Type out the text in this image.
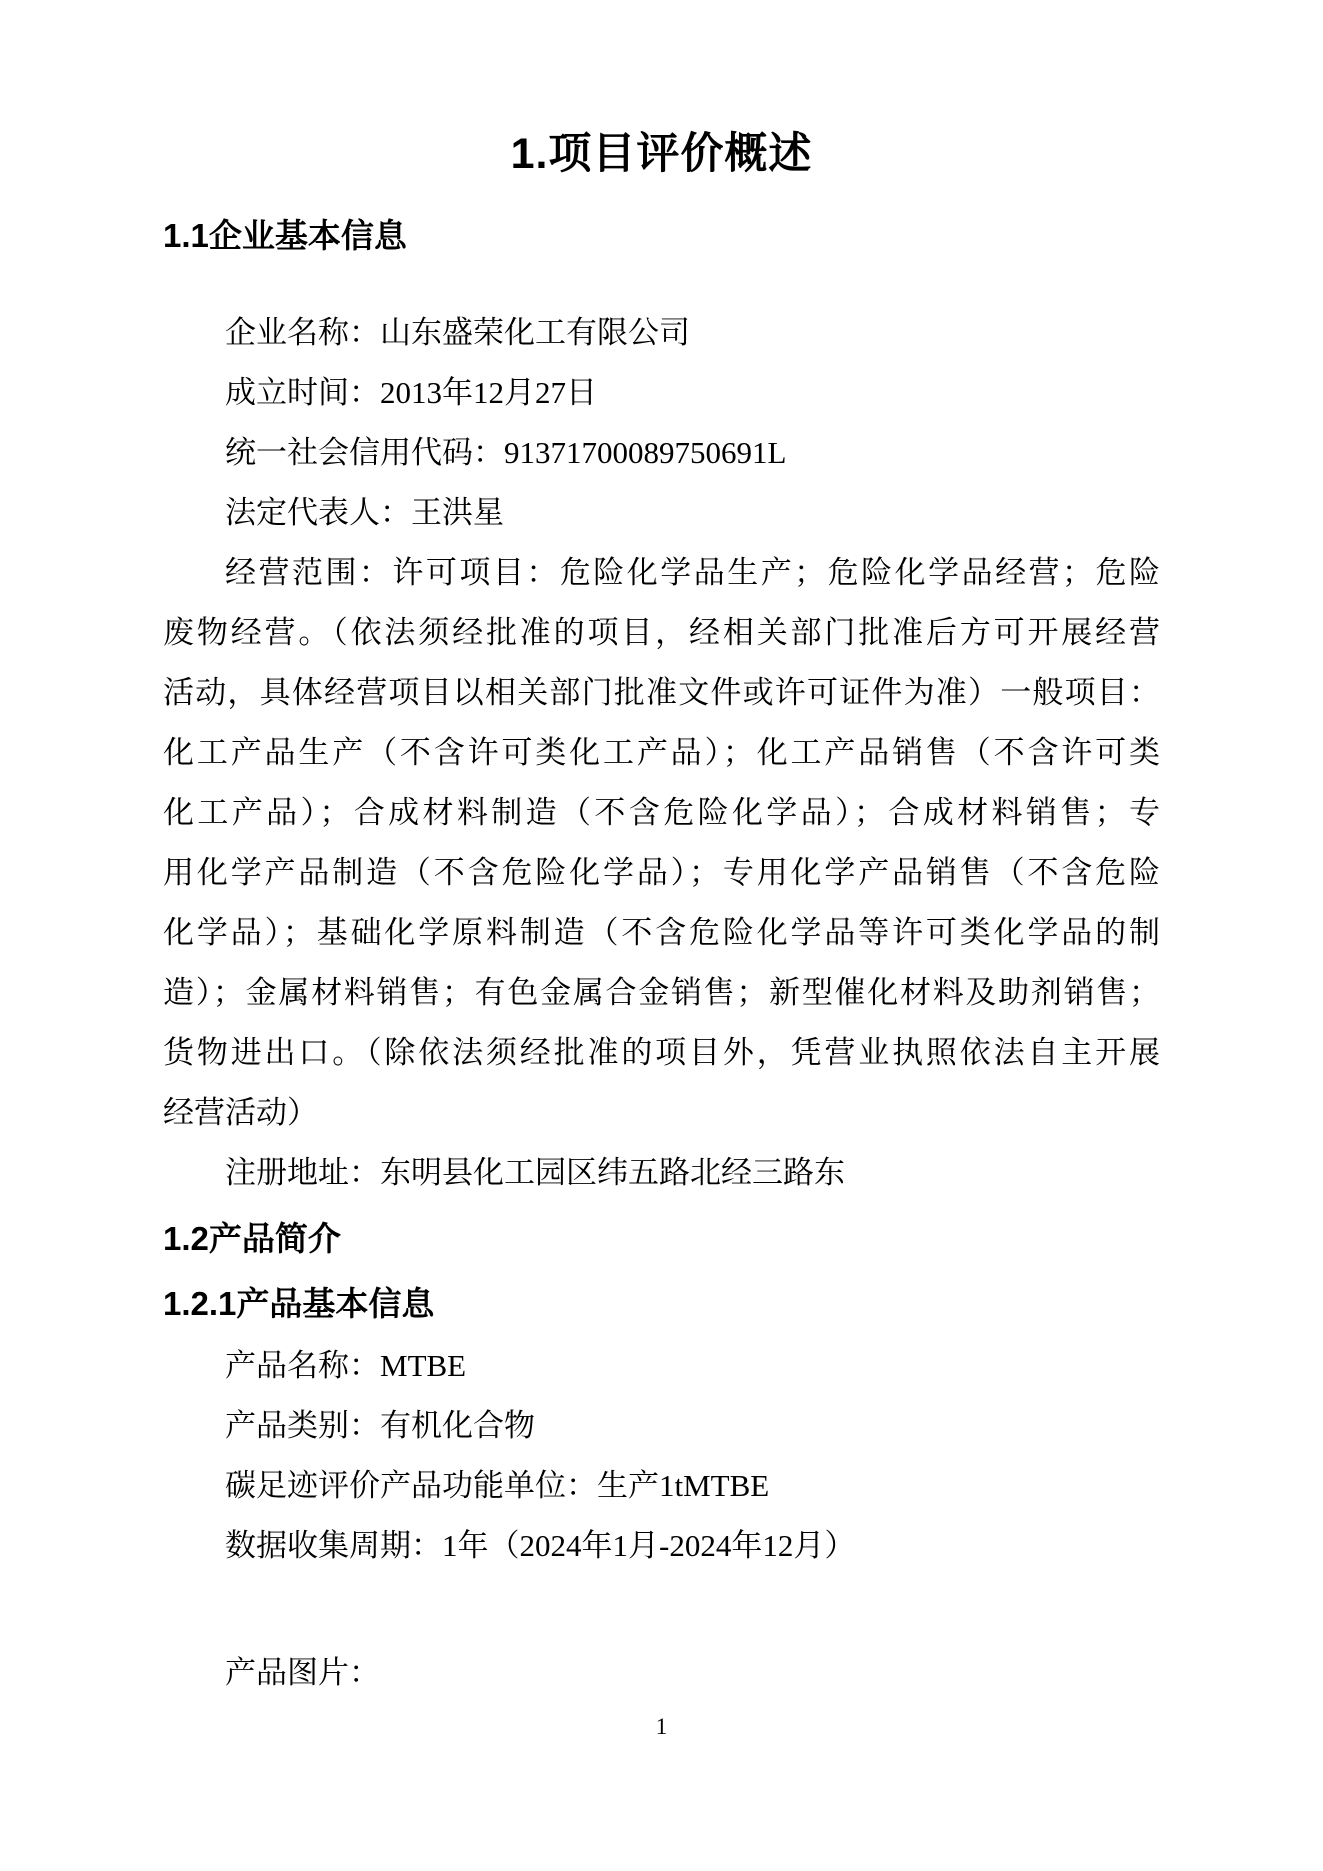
1.项目评价概述
1.1企业基本信息

企业名称：山东盛荣化工有限公司

成立时间：2013年12月27日

统一社会信用代码：91371700089750691L

法定代表人：王洪星

经营范围：许可项目：危险化学品生产；危险化学品经营；危险

废物经营。（依法须经批准的项目，经相关部门批准后方可开展经营

活动，具体经营项目以相关部门批准文件或许可证件为准）一般项目：

化工产品生产（不含许可类化工产品）；化工产品销售（不含许可类

化工产品）；合成材料制造（不含危险化学品）；合成材料销售；专

用化学产品制造（不含危险化学品）；专用化学产品销售（不含危险

化学品）；基础化学原料制造（不含危险化学品等许可类化学品的制

造）；金属材料销售；有色金属合金销售；新型催化材料及助剂销售；

货物进出口。（除依法须经批准的项目外，凭营业执照依法自主开展

经营活动）

注册地址：东明县化工园区纬五路北经三路东

1.2产品简介
1.2.1产品基本信息

产品名称：MTBE

产品类别：有机化合物

碳足迹评价产品功能单位：生产1tMTBE

数据收集周期：1年（2024年1月-2024年12月）

产品图片：

1
